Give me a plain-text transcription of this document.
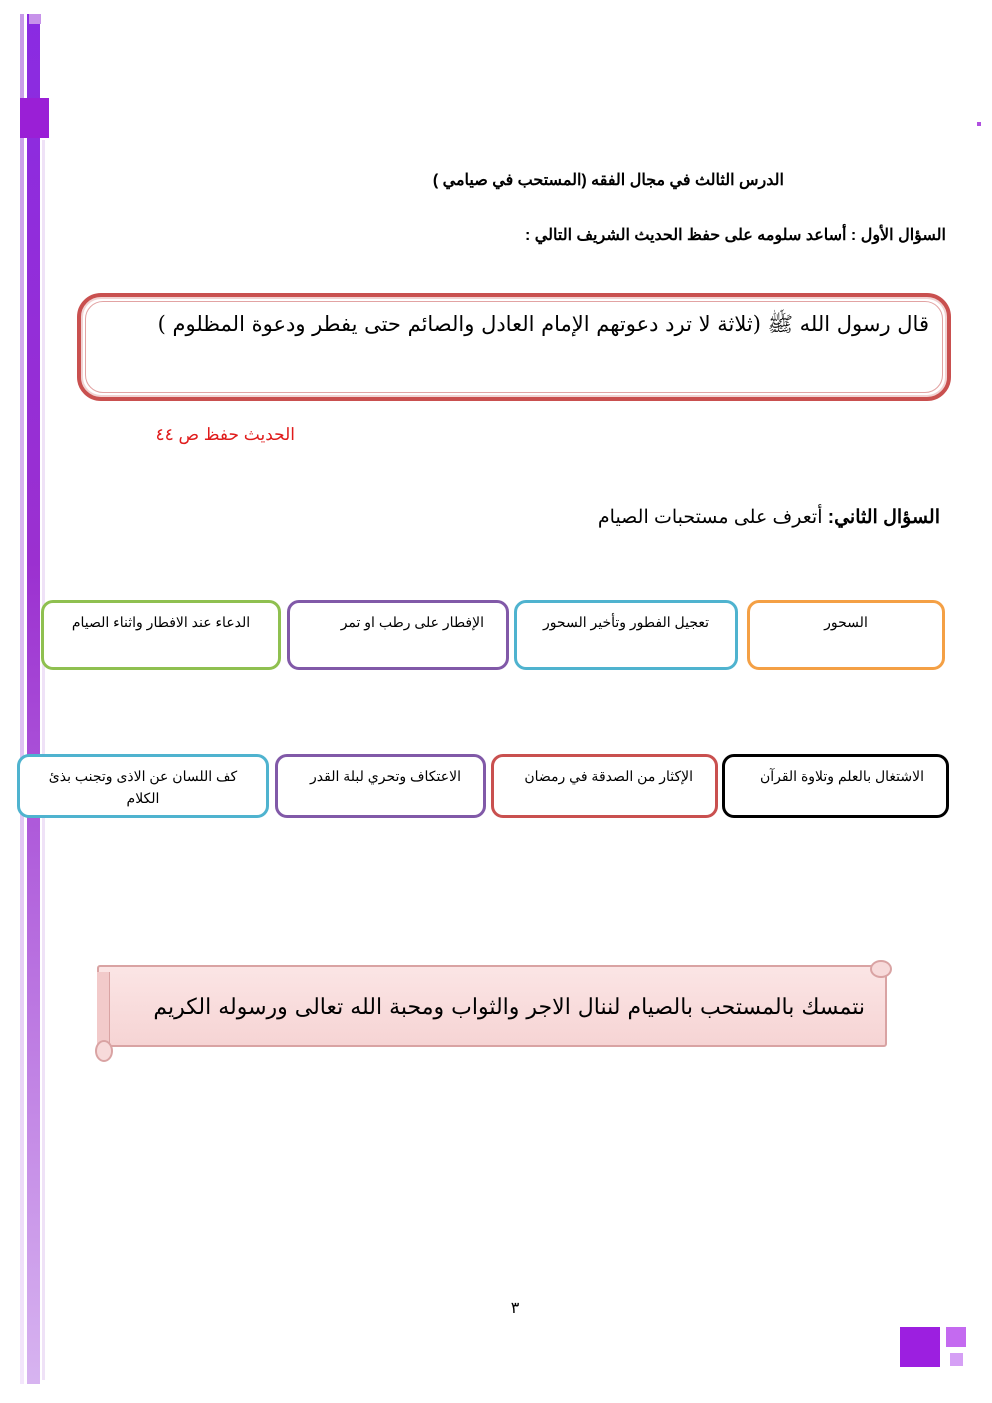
الدرس الثالث في مجال الفقه (المستحب في صيامي )
السؤال الأول : أساعد سلومه على حفظ الحديث الشريف التالي :
قال رسول الله ﷺ (ثلاثة لا ترد دعوتهم الإمام العادل والصائم حتى يفطر ودعوة المظلوم )
الحديث حفظ ص ٤٤
السؤال الثاني: أتعرف على مستحبات الصيام
السحور
تعجيل الفطور وتأخير السحور
الإفطار على رطب او تمر
الدعاء عند الافطار واثناء الصيام
الاشتغال بالعلم وتلاوة القرآن
الإكثار من الصدقة في رمضان
الاعتكاف وتحري لبلة القدر
كف اللسان عن الاذى وتجنب بذئ الكلام
نتمسك بالمستحب بالصيام لننال الاجر والثواب ومحبة الله تعالى ورسوله الكريم
٣
